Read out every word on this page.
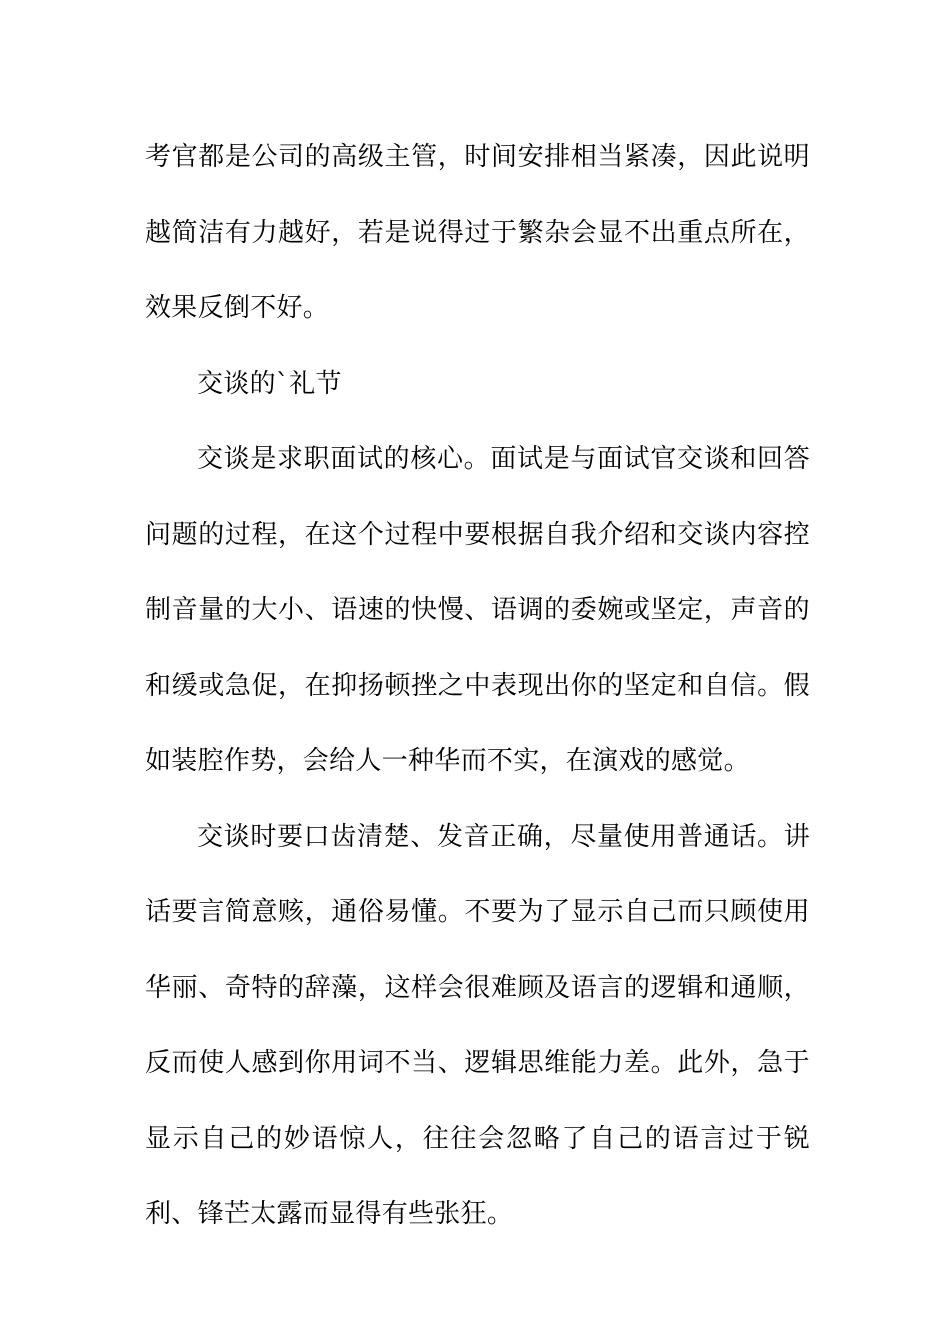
考官都是公司的高级主管，时间安排相当紧凑，因此说明越简洁有力越好，若是说得过于繁杂会显不出重点所在，效果反倒不好。

交谈的`礼节

交谈是求职面试的核心。面试是与面试官交谈和回答问题的过程，在这个过程中要根据自我介绍和交谈内容控制音量的大小、语速的快慢、语调的委婉或坚定，声音的和缓或急促，在抑扬顿挫之中表现出你的坚定和自信。假如装腔作势，会给人一种华而不实，在演戏的感觉。

交谈时要口齿清楚、发音正确，尽量使用普通话。讲话要言简意赅，通俗易懂。不要为了显示自己而只顾使用华丽、奇特的辞藻，这样会很难顾及语言的逻辑和通顺，反而使人感到你用词不当、逻辑思维能力差。此外，急于显示自己的妙语惊人，往往会忽略了自己的语言过于锐利、锋芒太露而显得有些张狂。
